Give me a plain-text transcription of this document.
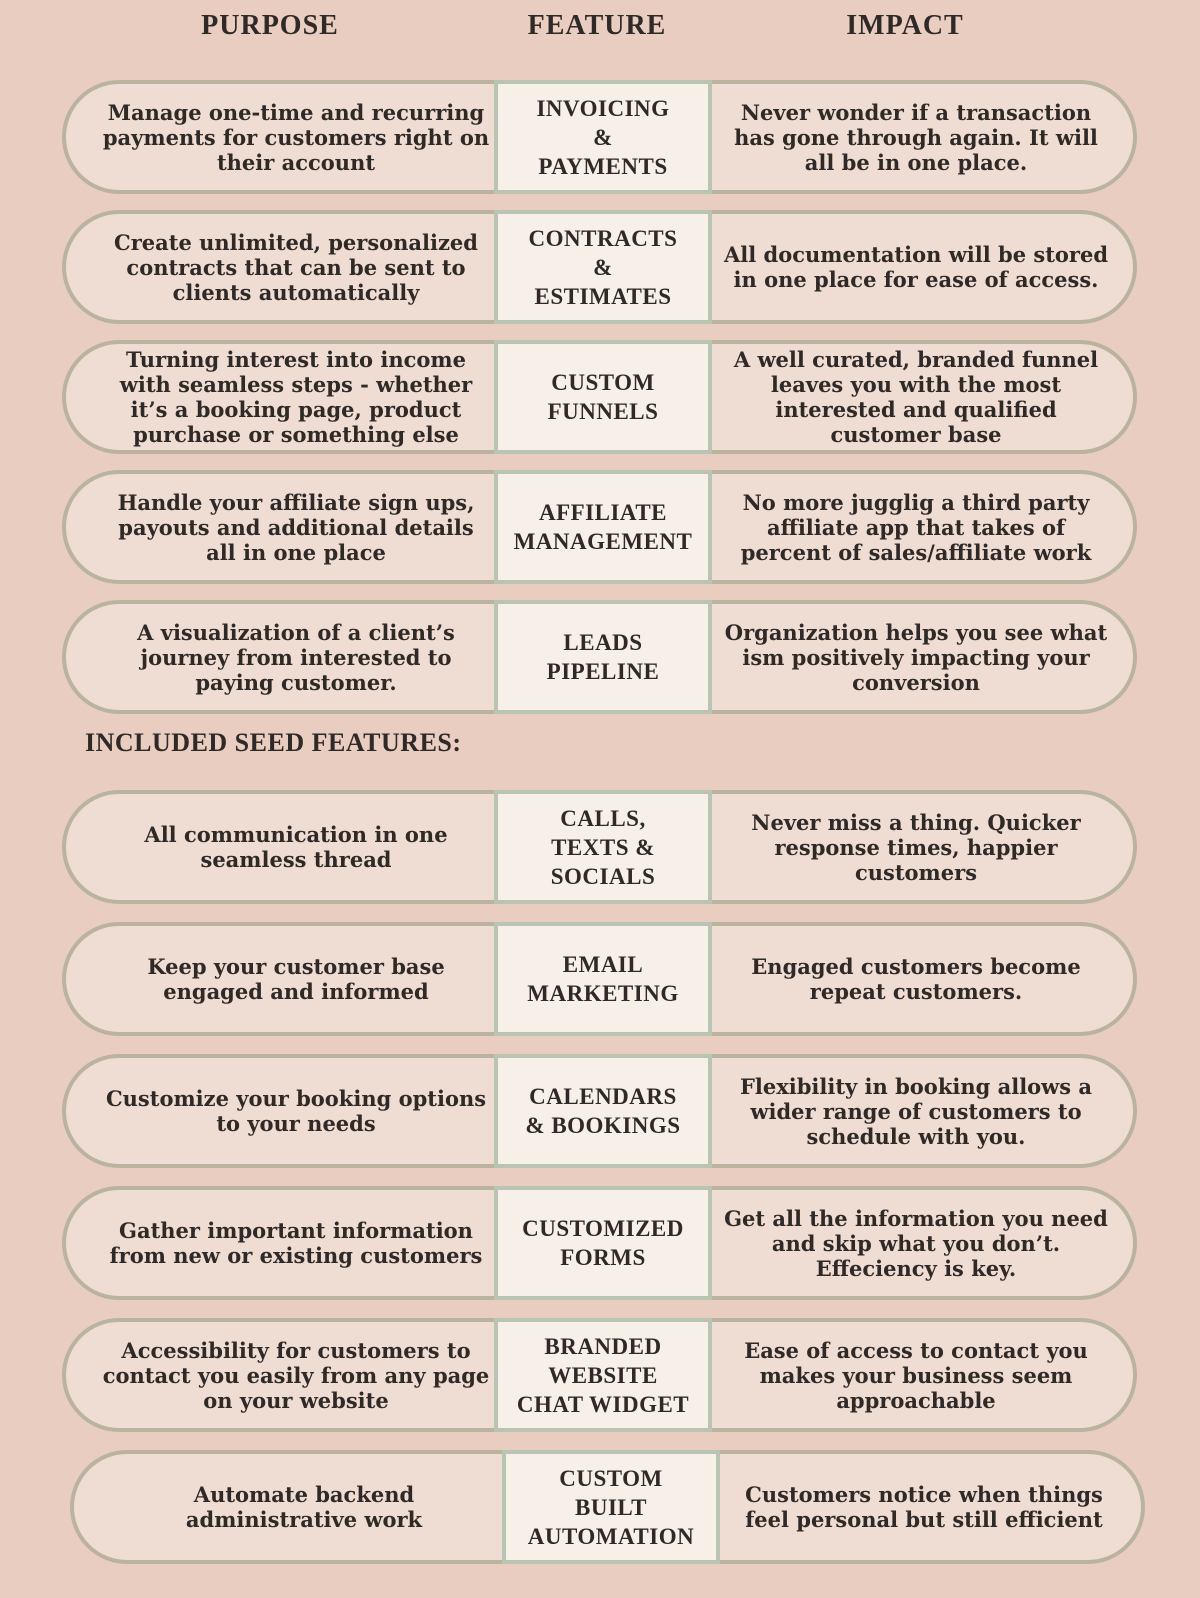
PURPOSE	FEATURE	IMPACT
Manage one-time and recurring payments for customers right on their account
INVOICING
&
PAYMENTS
Never wonder if a transaction has gone through again. It will all be in one place.
Create unlimited, personalized contracts that can be sent to clients automatically
CONTRACTS
&
ESTIMATES
All documentation will be stored in one place for ease of access.
Turning interest into income with seamless steps - whether it’s a booking page, product purchase or something else
CUSTOM
FUNNELS
A well curated, branded funnel leaves you with the most interested and qualified customer base
Handle your affiliate sign ups, payouts and additional details all in one place
AFFILIATE
MANAGEMENT
No more jugglig a third party affiliate app that takes of percent of sales/affiliate work
A visualization of a client’s journey from interested to paying customer.
LEADS
PIPELINE
Organization helps you see what ism positively impacting your conversion
INCLUDED SEED FEATURES:
All communication in one seamless thread
CALLS,
TEXTS &
SOCIALS
Never miss a thing. Quicker response times, happier customers
Keep your customer base engaged and informed
EMAIL
MARKETING
Engaged customers become repeat customers.
Customize your booking options to your needs
CALENDARS
& BOOKINGS
Flexibility in booking allows a wider range of customers to schedule with you.
Gather important information from new or existing customers
CUSTOMIZED
FORMS
Get all the information you need and skip what you don’t. Effeciency is key.
Accessibility for customers to contact you easily from any page on your website
BRANDED
WEBSITE
CHAT WIDGET
Ease of access to contact you makes your business seem approachable
Automate backend administrative work
CUSTOM
BUILT
AUTOMATION
Customers notice when things feel personal but still efficient
